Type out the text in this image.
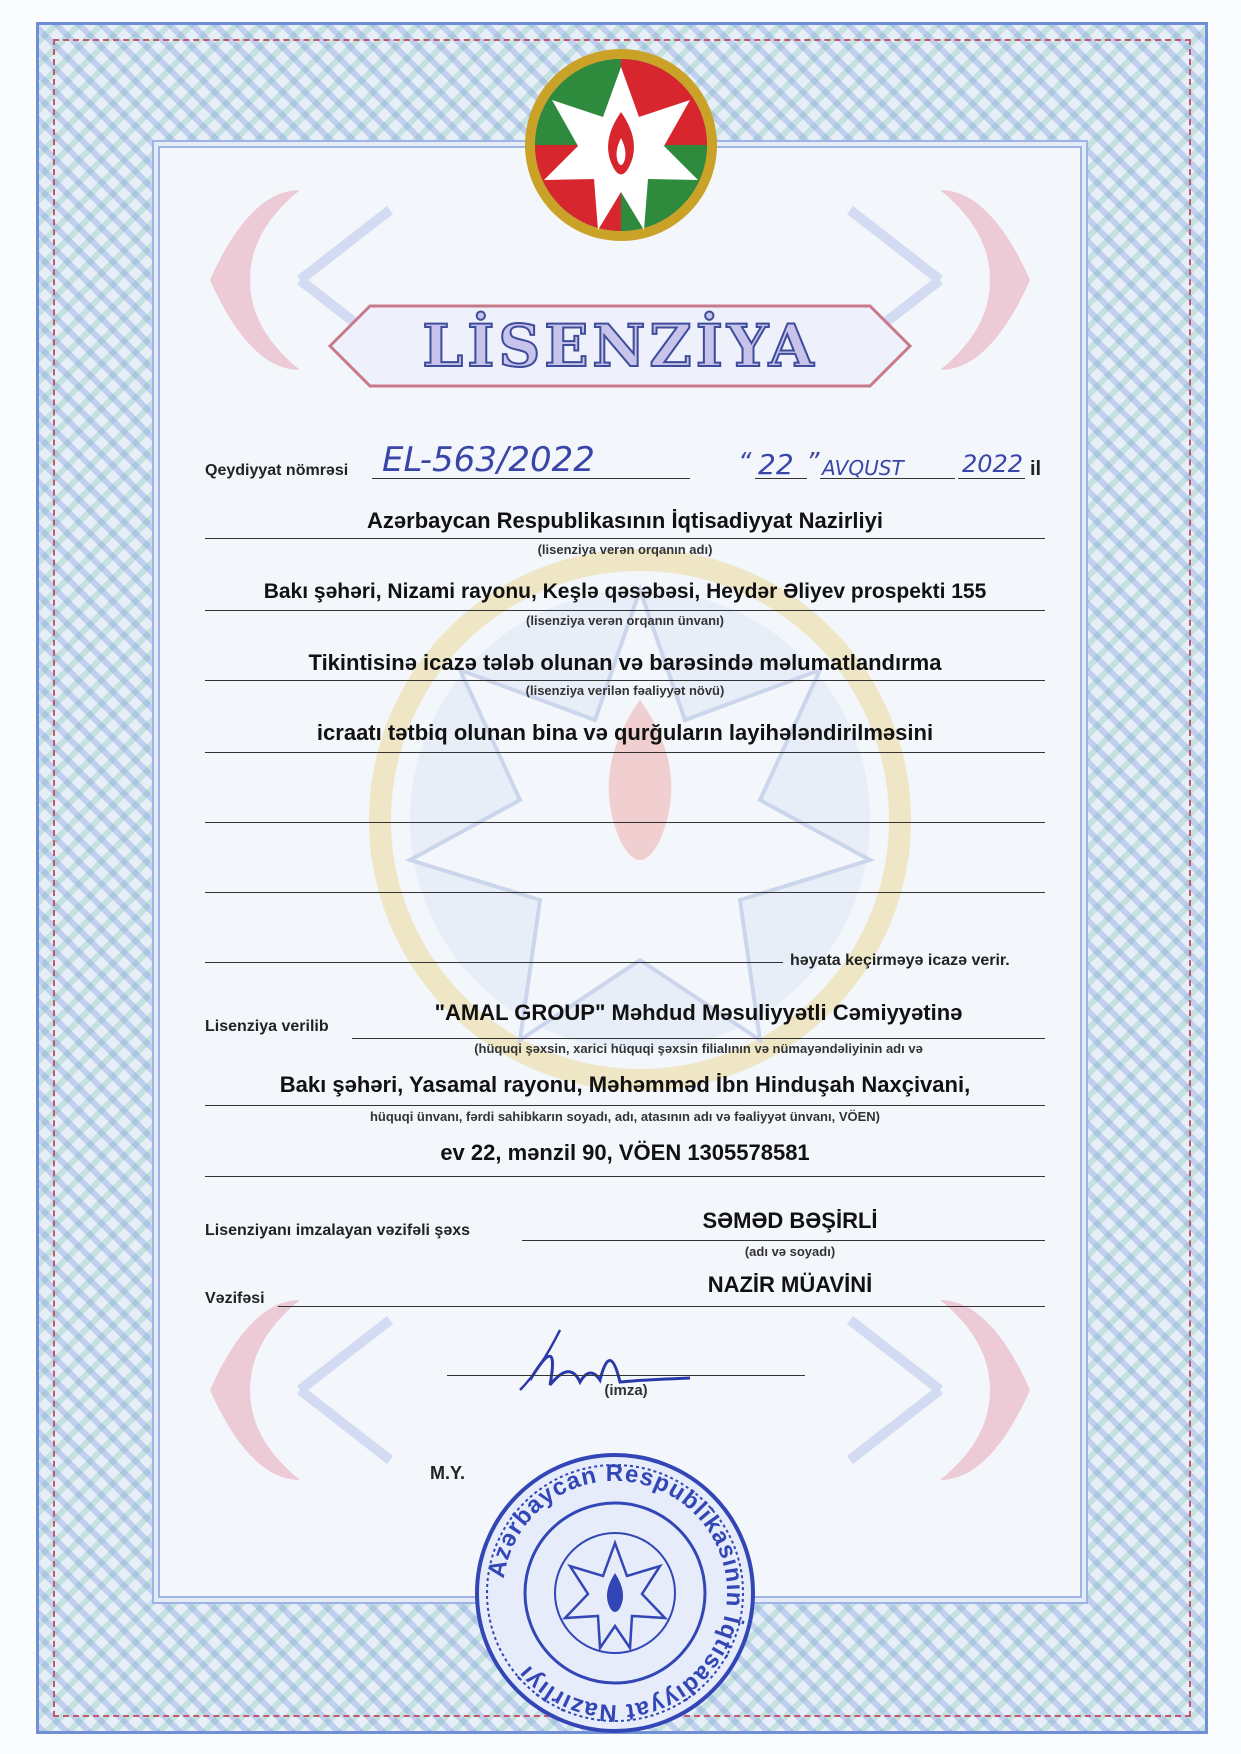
LİSENZİYA
Qeydiyyat nömrəsi EL-563/2022	“ 22 ” AVQUST 2022 il
Azərbaycan Respublikasının İqtisadiyyat Nazirliyi
(lisenziya verən orqanın adı)
Bakı şəhəri, Nizami rayonu, Keşlə qəsəbəsi, Heydər Əliyev prospekti 155
(lisenziya verən orqanın ünvanı)
Tikintisinə icazə tələb olunan və barəsində məlumatlandırma
(lisenziya verilən fəaliyyət növü)
icraatı tətbiq olunan bina və qurğuların layihələndirilməsini
həyata keçirməyə icazə verir.
Lisenziya verilib
"AMAL GROUP" Məhdud Məsuliyyətli Cəmiyyətinə
(hüquqi şəxsin, xarici hüquqi şəxsin filialının və nümayəndəliyinin adı və
Bakı şəhəri, Yasamal rayonu, Məhəmməd İbn Hinduşah Naxçivani,
hüquqi ünvanı, fərdi sahibkarın soyadı, adı, atasının adı və fəaliyyət ünvanı, VÖEN)
ev 22, mənzil 90, VÖEN 1305578581
Lisenziyanı imzalayan vəzifəli şəxs	SƏMƏD BƏŞİRLİ
(adı və soyadı)
Vəzifəsi
NAZİR MÜAVİNİ
(imza)
M.Y.
Azərbaycan Respublikasının İqtisadiyyat Nazirliyi
